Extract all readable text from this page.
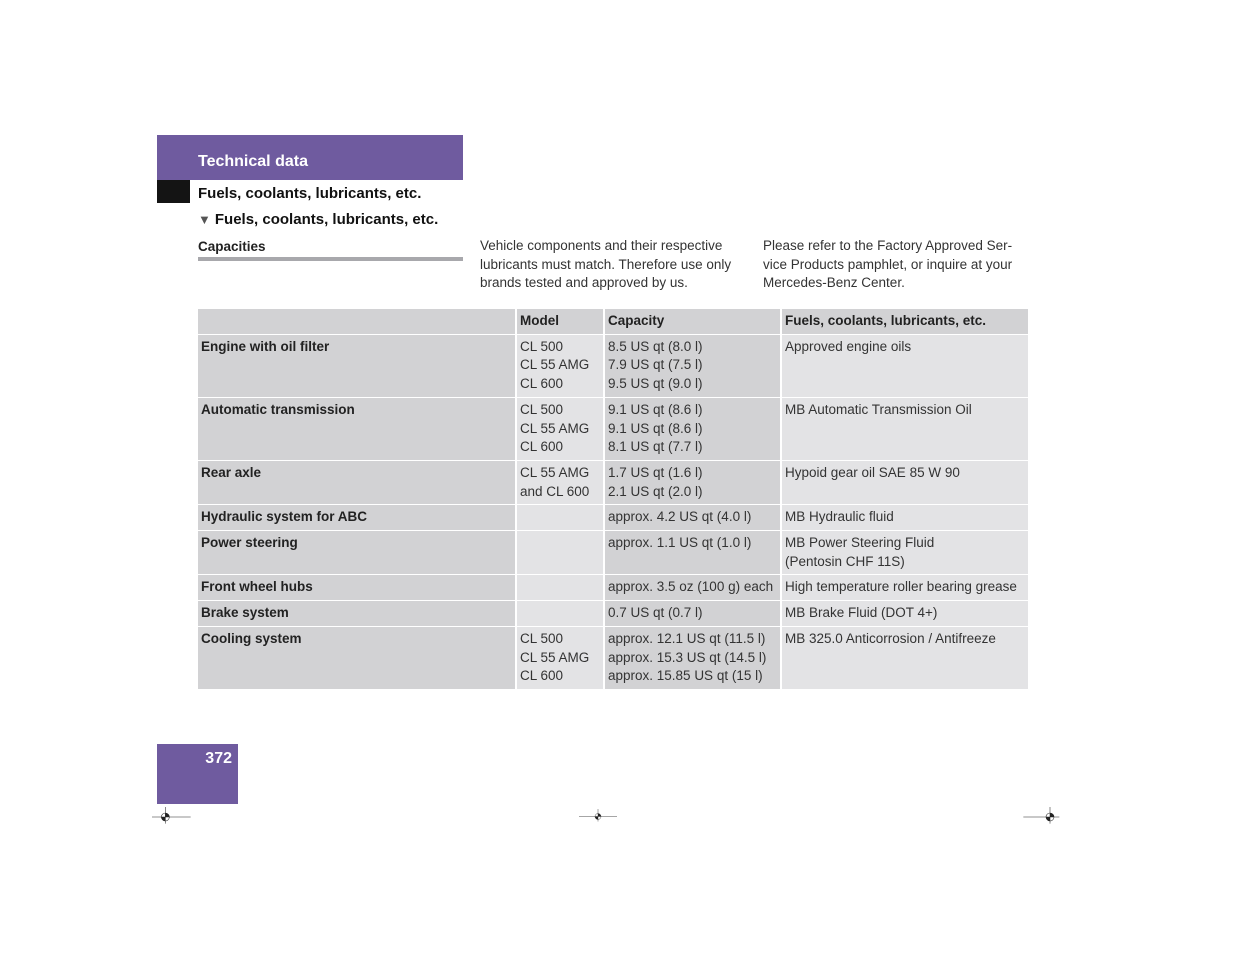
Technical data
Fuels, coolants, lubricants, etc.
▼ Fuels, coolants, lubricants, etc.
Capacities	Vehicle components and their respective lubricants must match. Therefore use only brands tested and approved by us.
Please refer to the Factory Approved Ser-vice Products pamphlet, or inquire at your Mercedes-Benz Center.
	Model	Capacity	Fuels, coolants, lubricants, etc.
Engine with oil filter	CL 500
CL 55 AMG
CL 600	8.5 US qt (8.0 l)
7.9 US qt (7.5 l)
9.5 US qt (9.0 l)	Approved engine oils

Automatic transmission	CL 500
CL 55 AMG
CL 600	9.1 US qt (8.6 l)
9.1 US qt (8.6 l)
8.1 US qt (7.7 l)	MB Automatic Transmission Oil

Rear axle	CL 55 AMG
and CL 600	1.7 US qt (1.6 l)
2.1 US qt (2.0 l)	Hypoid gear oil SAE 85 W 90

Hydraulic system for ABC		approx. 4.2 US qt (4.0 l)	MB Hydraulic fluid

Power steering		approx. 1.1 US qt (1.0 l)	MB Power Steering Fluid
(Pentosin CHF 11S)

Front wheel hubs		approx. 3.5 oz (100 g) each	High temperature roller bearing grease

Brake system		0.7 US qt (0.7 l)	MB Brake Fluid (DOT 4+)

Cooling system	CL 500
CL 55 AMG
CL 600	approx. 12.1 US qt (11.5 l)
approx. 15.3 US qt (14.5 l)
approx. 15.85 US qt (15 l)	MB 325.0 Anticorrosion / Antifreeze
372
